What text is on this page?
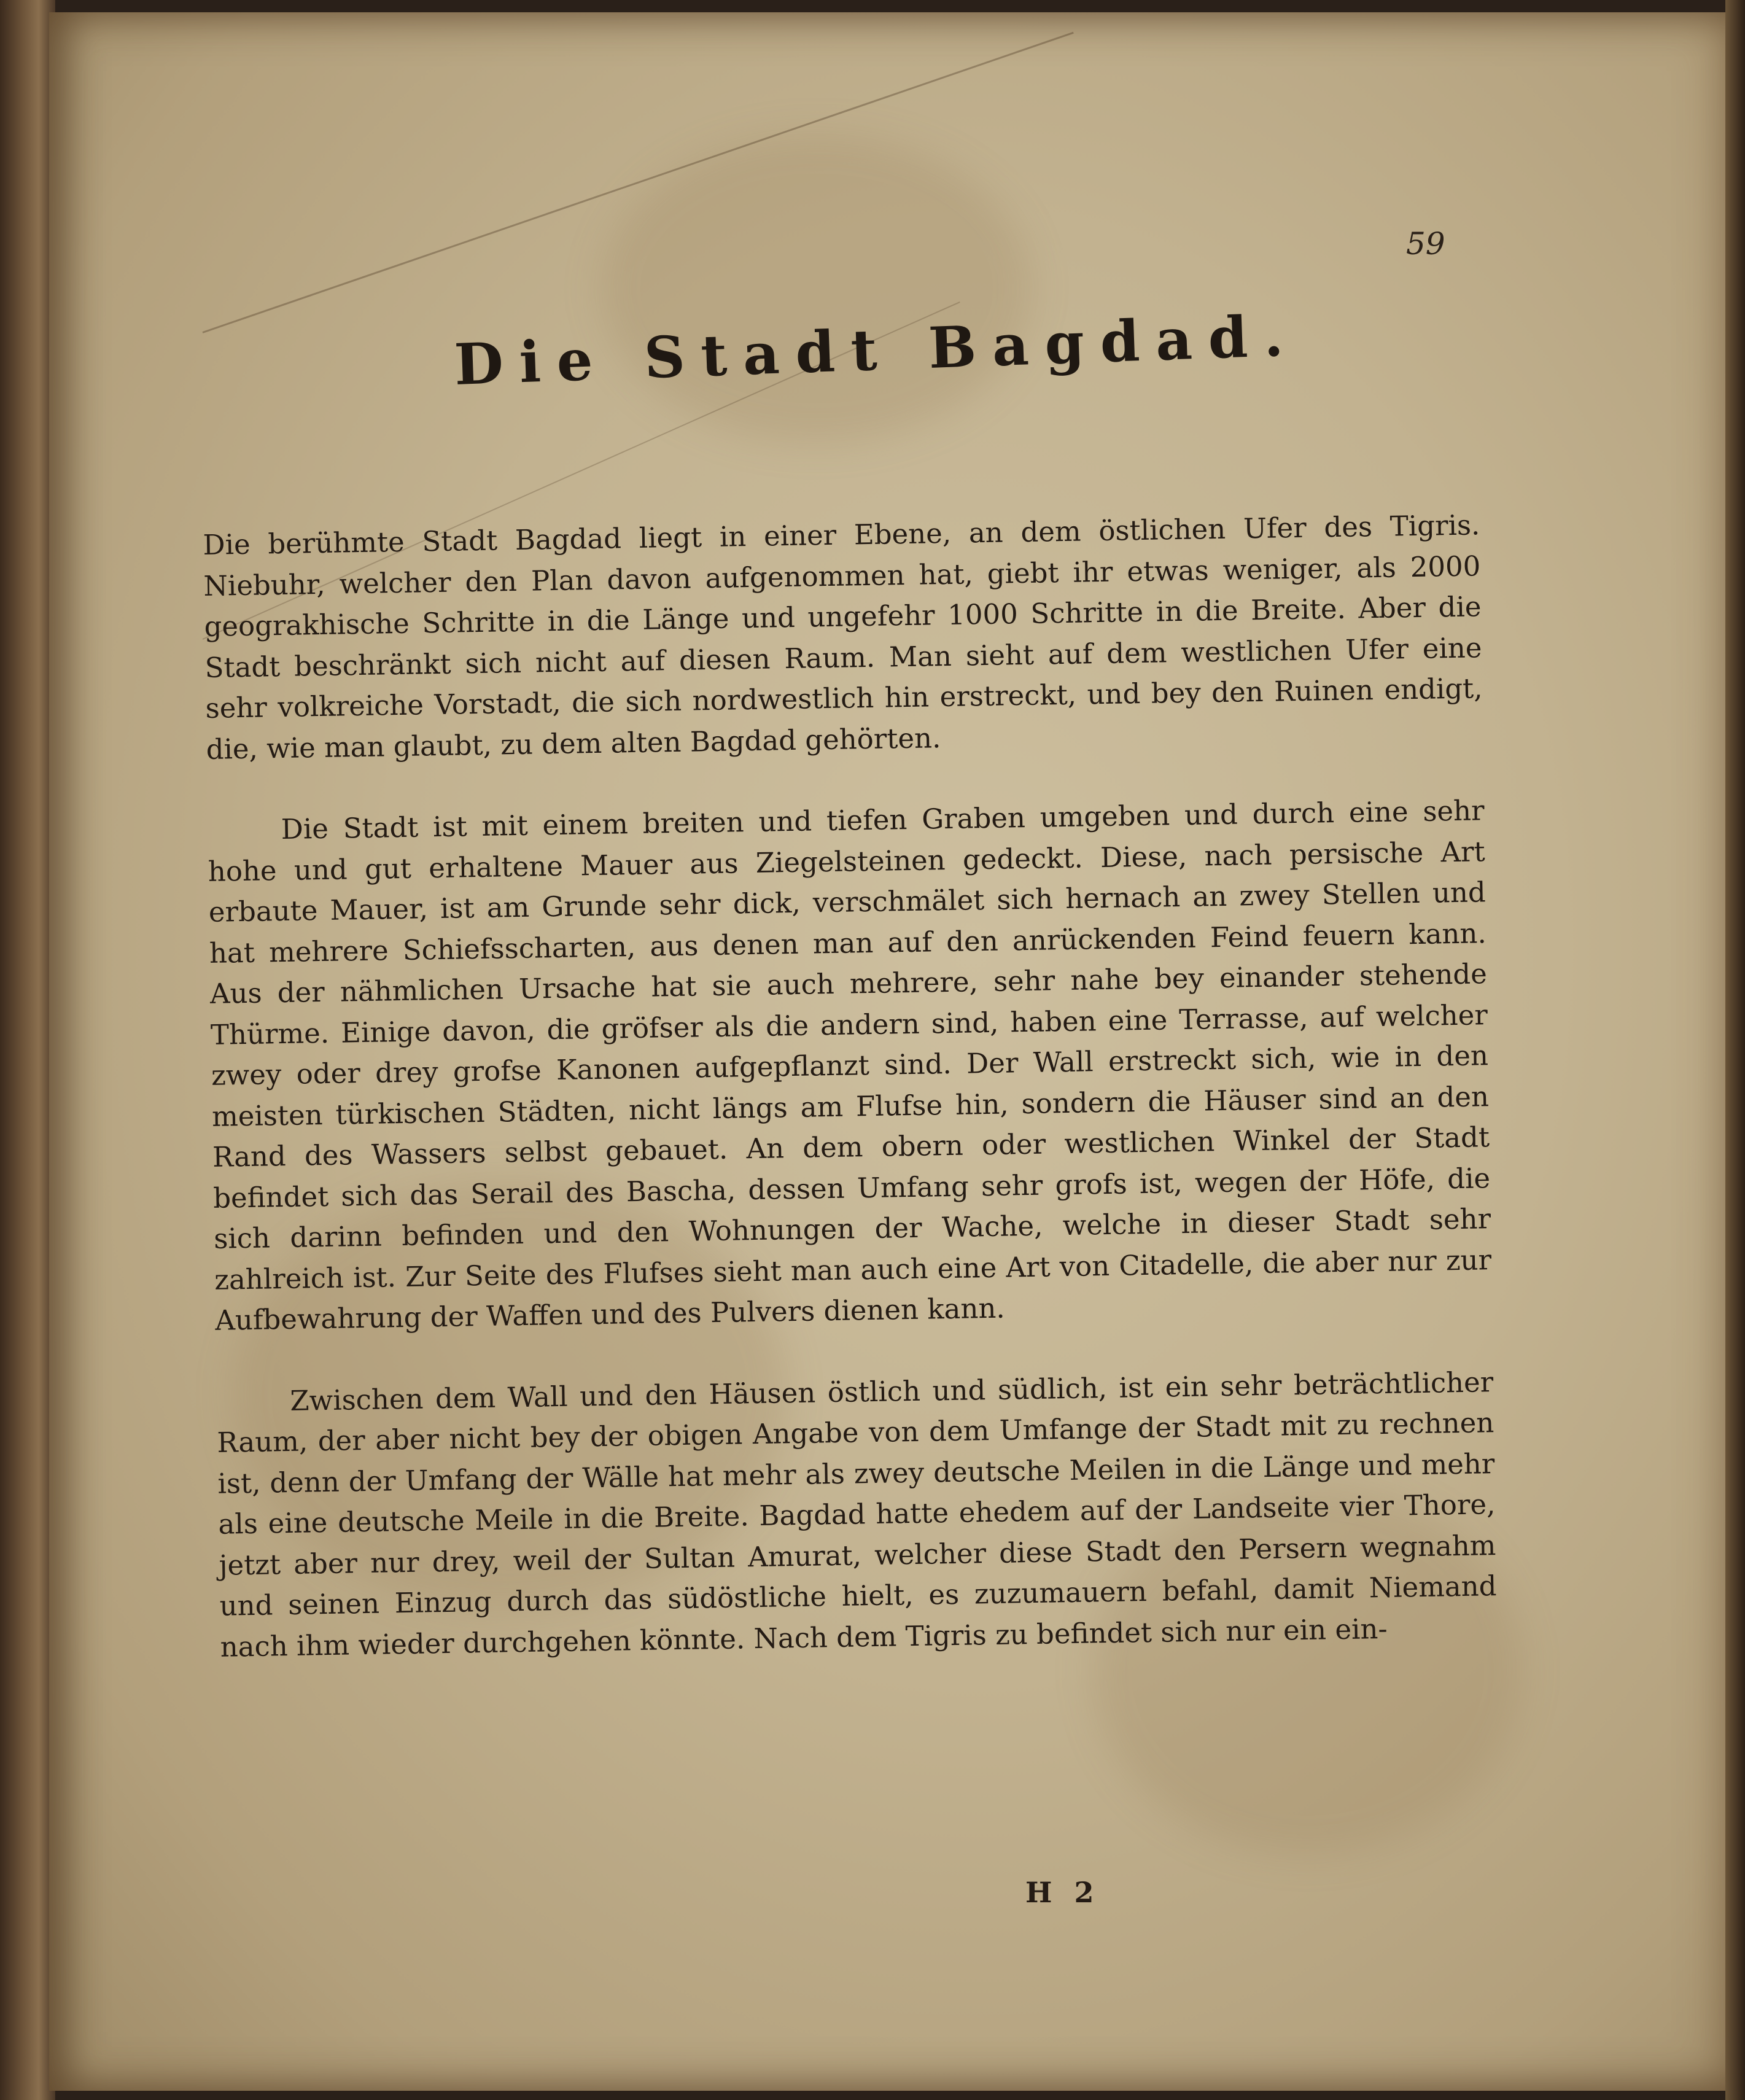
59
Die Stadt Bagdad.

Die berühmte Stadt Bagdad liegt in einer Ebene, an dem östlichen Ufer des Tigris. Niebuhr, welcher den Plan davon aufgenommen hat, giebt ihr etwas weniger, als 2000 geograkhische Schritte in die Länge und ungefehr 1000 Schritte in die Breite. Aber die Stadt beschränkt sich nicht auf diesen Raum. Man sieht auf dem westlichen Ufer eine sehr volkreiche Vorstadt, die sich nordwestlich hin erstreckt, und bey den Ruinen endigt, die, wie man glaubt, zu dem alten Bagdad gehörten.

Die Stadt ist mit einem breiten und tiefen Graben umgeben und durch eine sehr hohe und gut erhaltene Mauer aus Ziegelsteinen gedeckt. Diese, nach persische Art erbaute Mauer, ist am Grunde sehr dick, verschmälet sich hernach an zwey Stellen und hat mehrere Schiefsscharten, aus denen man auf den anrückenden Feind feuern kann. Aus der nähmlichen Ursache hat sie auch mehrere, sehr nahe bey einander stehende Thürme. Einige davon, die gröfser als die andern sind, haben eine Terrasse, auf welcher zwey oder drey grofse Kanonen aufgepflanzt sind. Der Wall erstreckt sich, wie in den meisten türkischen Städten, nicht längs am Flufse hin, sondern die Häuser sind an den Rand des Wassers selbst gebauet. An dem obern oder westlichen Winkel der Stadt befindet sich das Serail des Bascha, dessen Umfang sehr grofs ist, wegen der Höfe, die sich darinn befinden und den Wohnungen der Wache, welche in dieser Stadt sehr zahlreich ist. Zur Seite des Flufses sieht man auch eine Art von Citadelle, die aber nur zur Aufbewahrung der Waffen und des Pulvers dienen kann.

Zwischen dem Wall und den Häusen östlich und südlich, ist ein sehr beträchtlicher Raum, der aber nicht bey der obigen Angabe von dem Umfange der Stadt mit zu rechnen ist, denn der Umfang der Wälle hat mehr als zwey deutsche Meilen in die Länge und mehr als eine deutsche Meile in die Breite. Bagdad hatte ehedem auf der Landseite vier Thore, jetzt aber nur drey, weil der Sultan Amurat, welcher diese Stadt den Persern wegnahm und seinen Einzug durch das südöstliche hielt, es zuzumauern befahl, damit Niemand nach ihm wieder durchgehen könnte. Nach dem Tigris zu befindet sich nur ein ein-

H 2
